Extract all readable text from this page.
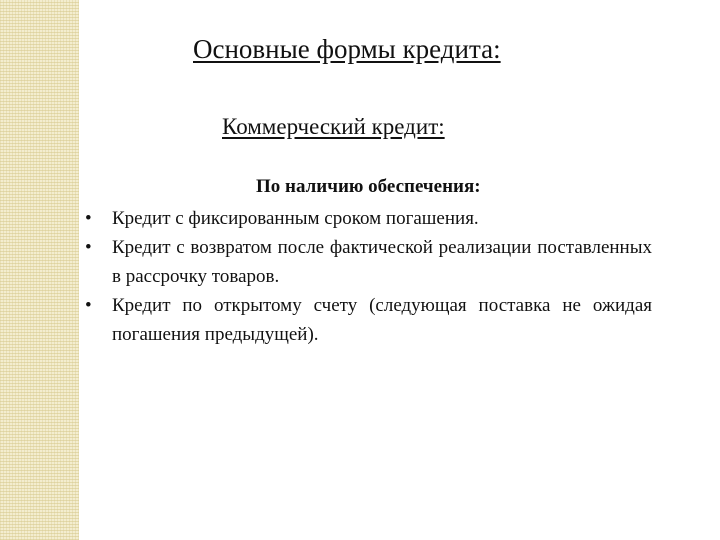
Основные формы кредита:
Коммерческий кредит:
По наличию обеспечения:
• Кредит с фиксированным сроком погашения.
• Кредит с возвратом после фактической реализации поставленных в рассрочку товаров.
• Кредит по открытому счету (следующая поставка не ожидая погашения предыдущей).
